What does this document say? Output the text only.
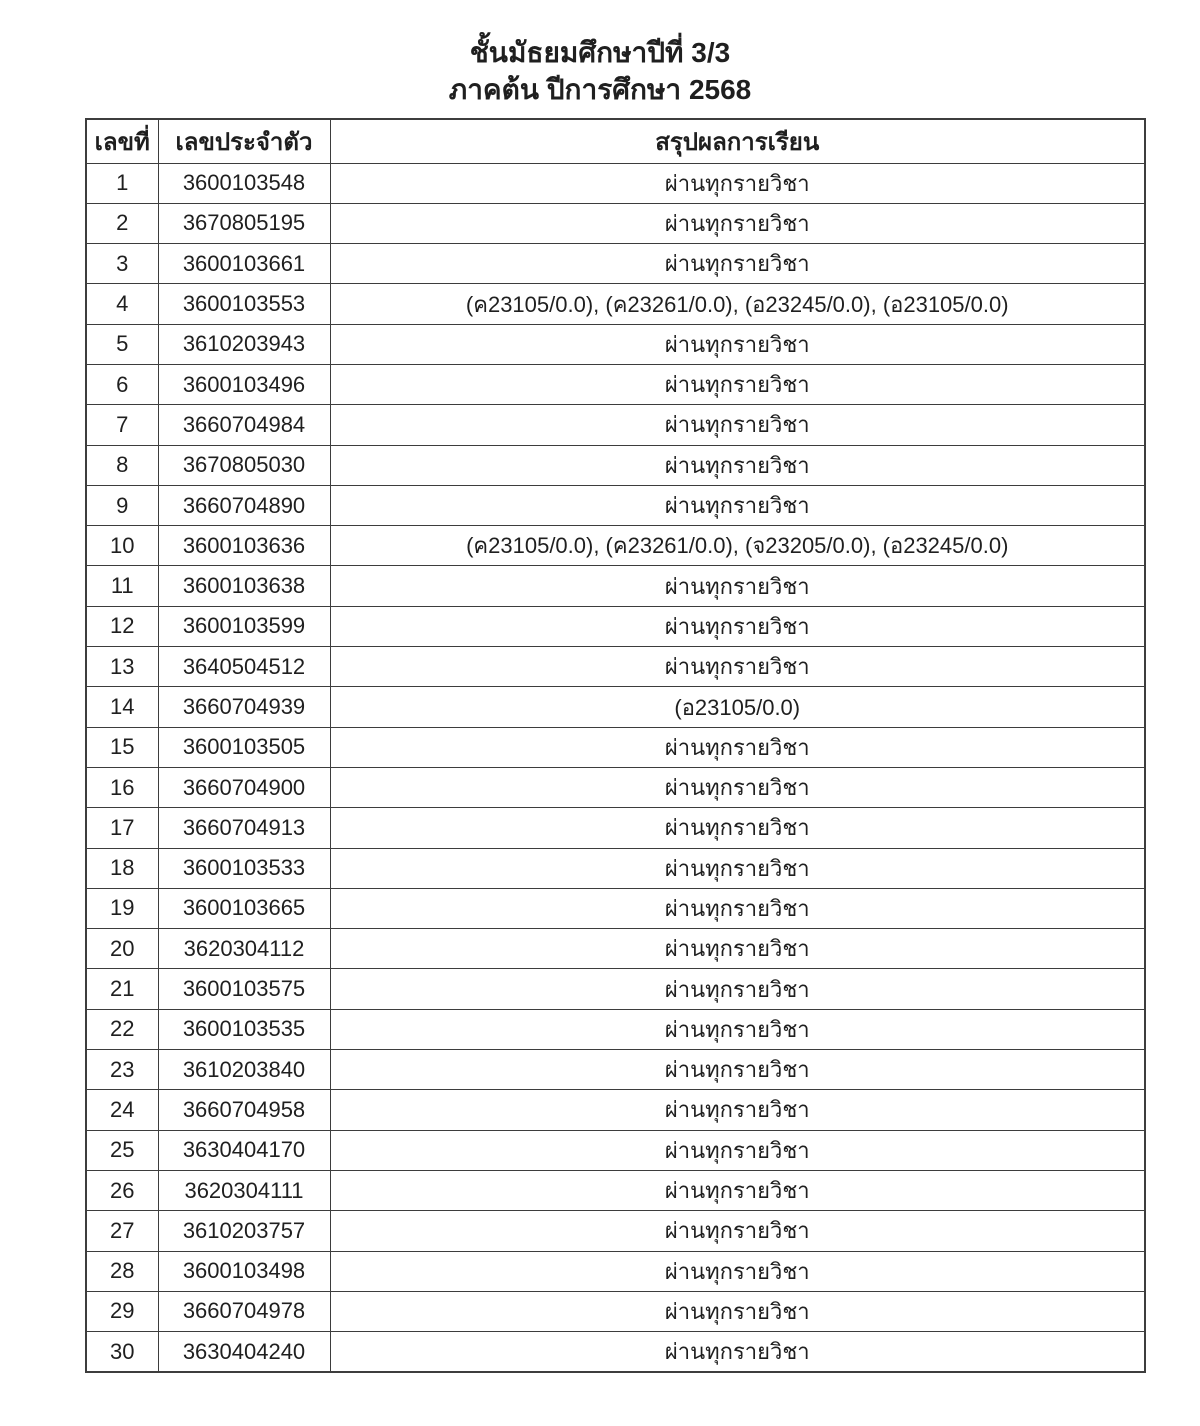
ชั้นมัธยมศึกษาปีที่ 3/3
ภาคต้น ปีการศึกษา 2568
เลขที่	เลขประจำตัว	สรุปผลการเรียน
1	3600103548	ผ่านทุกรายวิชา
2	3670805195	ผ่านทุกรายวิชา
3	3600103661	ผ่านทุกรายวิชา
4	3600103553	(ค23105/0.0), (ค23261/0.0), (อ23245/0.0), (อ23105/0.0)
5	3610203943	ผ่านทุกรายวิชา
6	3600103496	ผ่านทุกรายวิชา
7	3660704984	ผ่านทุกรายวิชา
8	3670805030	ผ่านทุกรายวิชา
9	3660704890	ผ่านทุกรายวิชา
10	3600103636	(ค23105/0.0), (ค23261/0.0), (จ23205/0.0), (อ23245/0.0)
11	3600103638	ผ่านทุกรายวิชา
12	3600103599	ผ่านทุกรายวิชา
13	3640504512	ผ่านทุกรายวิชา
14	3660704939	(อ23105/0.0)
15	3600103505	ผ่านทุกรายวิชา
16	3660704900	ผ่านทุกรายวิชา
17	3660704913	ผ่านทุกรายวิชา
18	3600103533	ผ่านทุกรายวิชา
19	3600103665	ผ่านทุกรายวิชา
20	3620304112	ผ่านทุกรายวิชา
21	3600103575	ผ่านทุกรายวิชา
22	3600103535	ผ่านทุกรายวิชา
23	3610203840	ผ่านทุกรายวิชา
24	3660704958	ผ่านทุกรายวิชา
25	3630404170	ผ่านทุกรายวิชา
26	3620304111	ผ่านทุกรายวิชา
27	3610203757	ผ่านทุกรายวิชา
28	3600103498	ผ่านทุกรายวิชา
29	3660704978	ผ่านทุกรายวิชา
30	3630404240	ผ่านทุกรายวิชา
